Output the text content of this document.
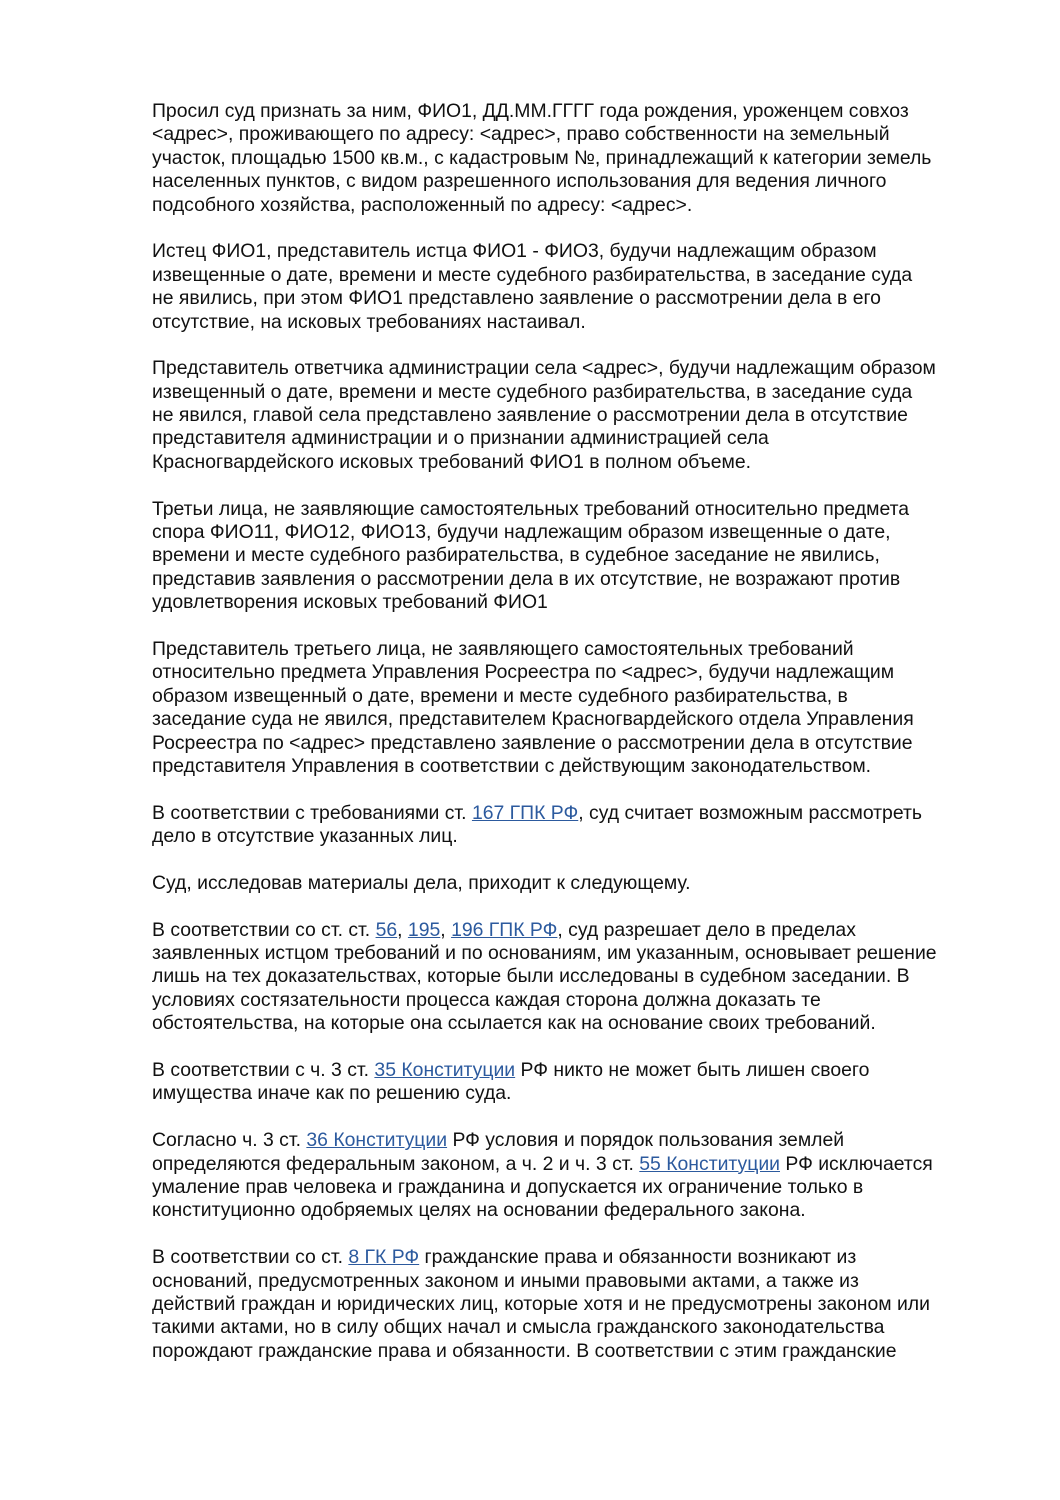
Просил суд признать за ним, ФИО1, ДД.ММ.ГГГГ года рождения, уроженцем совхоз
<адрес>, проживающего по адресу: <адрес>, право собственности на земельный
участок, площадью 1500 кв.м., с кадастровым №, принадлежащий к категории земель
населенных пунктов, с видом разрешенного использования для ведения личного
подсобного хозяйства, расположенный по адресу: <адрес>.

Истец ФИО1, представитель истца ФИО1 - ФИО3, будучи надлежащим образом
извещенные о дате, времени и месте судебного разбирательства, в заседание суда
не явились, при этом ФИО1 представлено заявление о рассмотрении дела в его
отсутствие, на исковых требованиях настаивал.

Представитель ответчика администрации села <адрес>, будучи надлежащим образом
извещенный о дате, времени и месте судебного разбирательства, в заседание суда
не явился, главой села представлено заявление о рассмотрении дела в отсутствие
представителя администрации и о признании администрацией села
Красногвардейского исковых требований ФИО1 в полном объеме.

Третьи лица, не заявляющие самостоятельных требований относительно предмета
спора ФИО11, ФИО12, ФИО13, будучи надлежащим образом извещенные о дате,
времени и месте судебного разбирательства, в судебное заседание не явились,
представив заявления о рассмотрении дела в их отсутствие, не возражают против
удовлетворения исковых требований ФИО1

Представитель третьего лица, не заявляющего самостоятельных требований
относительно предмета Управления Росреестра по <адрес>, будучи надлежащим
образом извещенный о дате, времени и месте судебного разбирательства, в
заседание суда не явился, представителем Красногвардейского отдела Управления
Росреестра по <адрес> представлено заявление о рассмотрении дела в отсутствие
представителя Управления в соответствии с действующим законодательством.

В соответствии с требованиями ст. 167 ГПК РФ, суд считает возможным рассмотреть
дело в отсутствие указанных лиц.

Суд, исследовав материалы дела, приходит к следующему.

В соответствии со ст. ст. 56, 195, 196 ГПК РФ, суд разрешает дело в пределах
заявленных истцом требований и по основаниям, им указанным, основывает решение
лишь на тех доказательствах, которые были исследованы в судебном заседании. В
условиях состязательности процесса каждая сторона должна доказать те
обстоятельства, на которые она ссылается как на основание своих требований.

В соответствии с ч. 3 ст. 35 Конституции РФ никто не может быть лишен своего
имущества иначе как по решению суда.

Согласно ч. 3 ст. 36 Конституции РФ условия и порядок пользования землей
определяются федеральным законом, а ч. 2 и ч. 3 ст. 55 Конституции РФ исключается
умаление прав человека и гражданина и допускается их ограничение только в
конституционно одобряемых целях на основании федерального закона.

В соответствии со ст. 8 ГК РФ гражданские права и обязанности возникают из
оснований, предусмотренных законом и иными правовыми актами, а также из
действий граждан и юридических лиц, которые хотя и не предусмотрены законом или
такими актами, но в силу общих начал и смысла гражданского законодательства
порождают гражданские права и обязанности. В соответствии с этим гражданские
